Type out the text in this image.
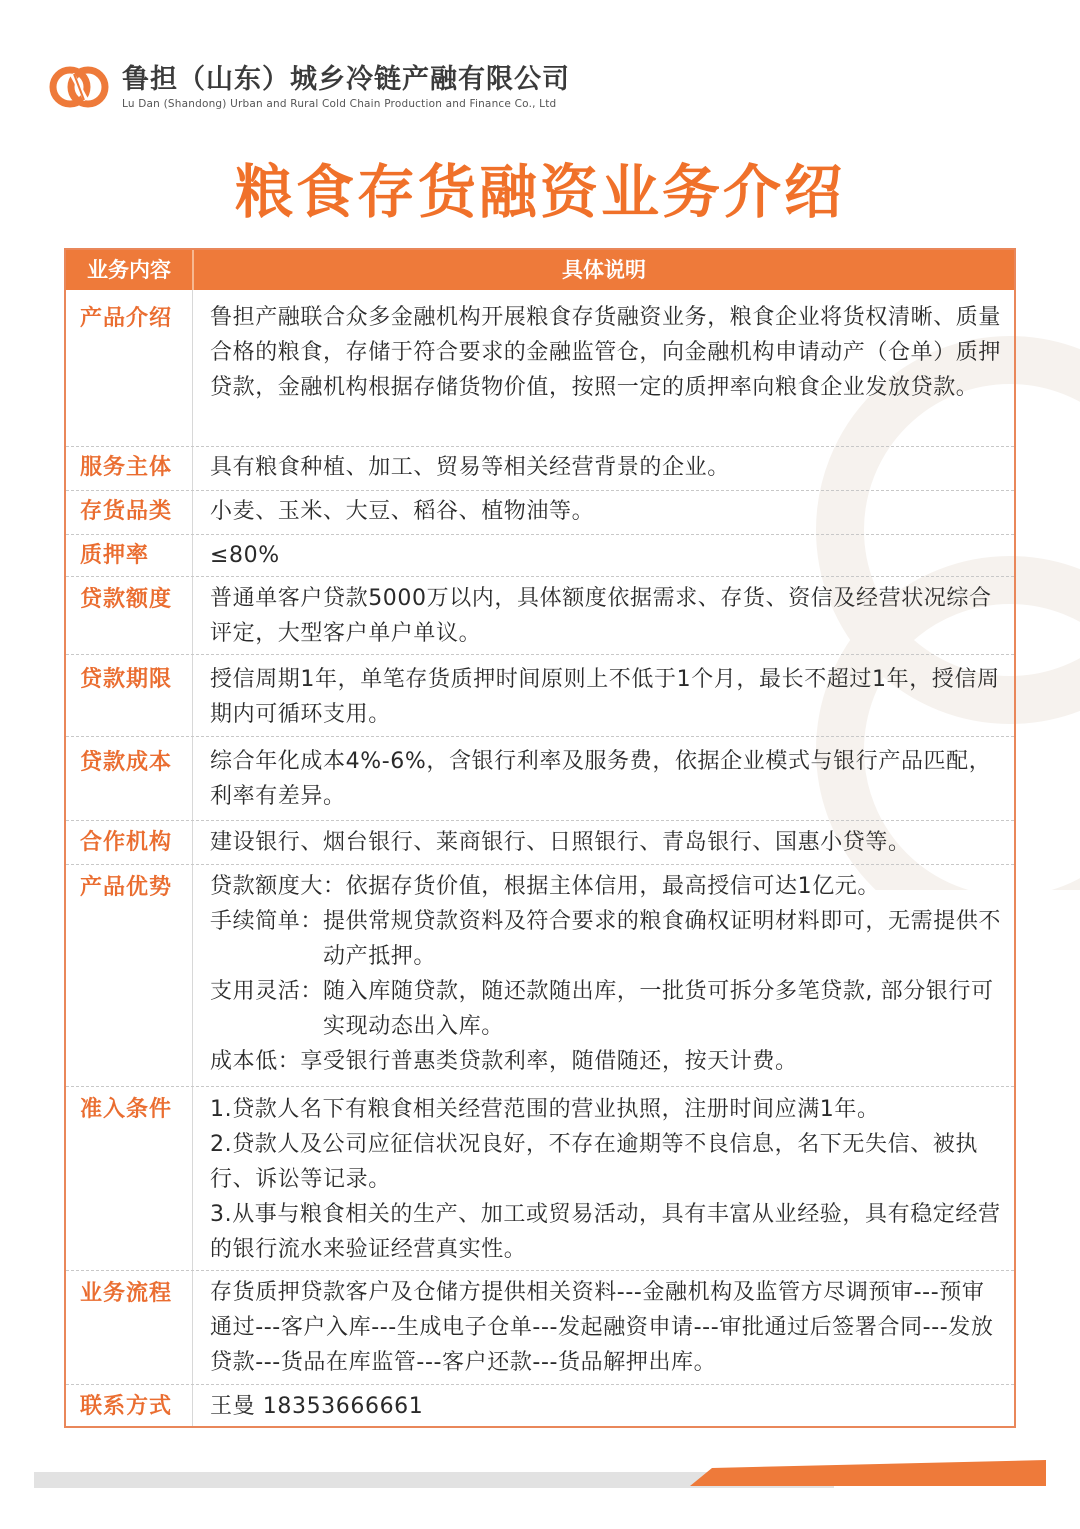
鲁担（山东）城乡冷链产融有限公司
Lu Dan (Shandong) Urban and Rural Cold Chain Production and Finance Co., Ltd
粮食存货融资业务介绍
业务内容	具体说明
产品介绍 鲁担产融联合众多金融机构开展粮食存货融资业务，粮食企业将货权清晰、质量合格的粮食，存储于符合要求的金融监管仓，向金融机构申请动产（仓单）质押贷款，金融机构根据存储货物价值，按照一定的质押率向粮食企业发放贷款。
服务主体 具有粮食种植、加工、贸易等相关经营背景的企业。
存货品类 小麦、玉米、大豆、稻谷、植物油等。
质押率	≤80%
贷款额度 普通单客户贷款5000万以内，具体额度依据需求、存货、资信及经营状况综合评定，大型客户单户单议。
贷款期限 授信周期1年，单笔存货质押时间原则上不低于1个月，最长不超过1年，授信周期内可循环支用。
贷款成本 综合年化成本4%-6%，含银行利率及服务费，依据企业模式与银行产品匹配，利率有差异。
合作机构 建设银行、烟台银行、莱商银行、日照银行、青岛银行、国惠小贷等。
产品优势 贷款额度大： 依据存货价值，根据主体信用，最高授信可达1亿元。
手续简单： 提供常规贷款资料及符合要求的粮食确权证明材料即可，无需提供不动产抵押。
支用灵活： 随入库随贷款，随还款随出库，一批货可拆分多笔贷款, 部分银行可实现动态出入库。
成本低： 享受银行普惠类贷款利率，随借随还，按天计费。
准入条件 1.贷款人名下有粮食相关经营范围的营业执照，注册时间应满1年。

2.贷款人及公司应征信状况良好，不存在逾期等不良信息，名下无失信、被执行、诉讼等记录。

3.从事与粮食相关的生产、加工或贸易活动，具有丰富从业经验，具有稳定经营的银行流水来验证经营真实性。

业务流程 存货质押贷款客户及仓储方提供相关资料---金融机构及监管方尽调预审---预审通过---客户入库---生成电子仓单---发起融资申请---审批通过后签署合同---发放贷款---货品在库监管---客户还款---货品解押出库。
联系方式 王曼 18353666661
